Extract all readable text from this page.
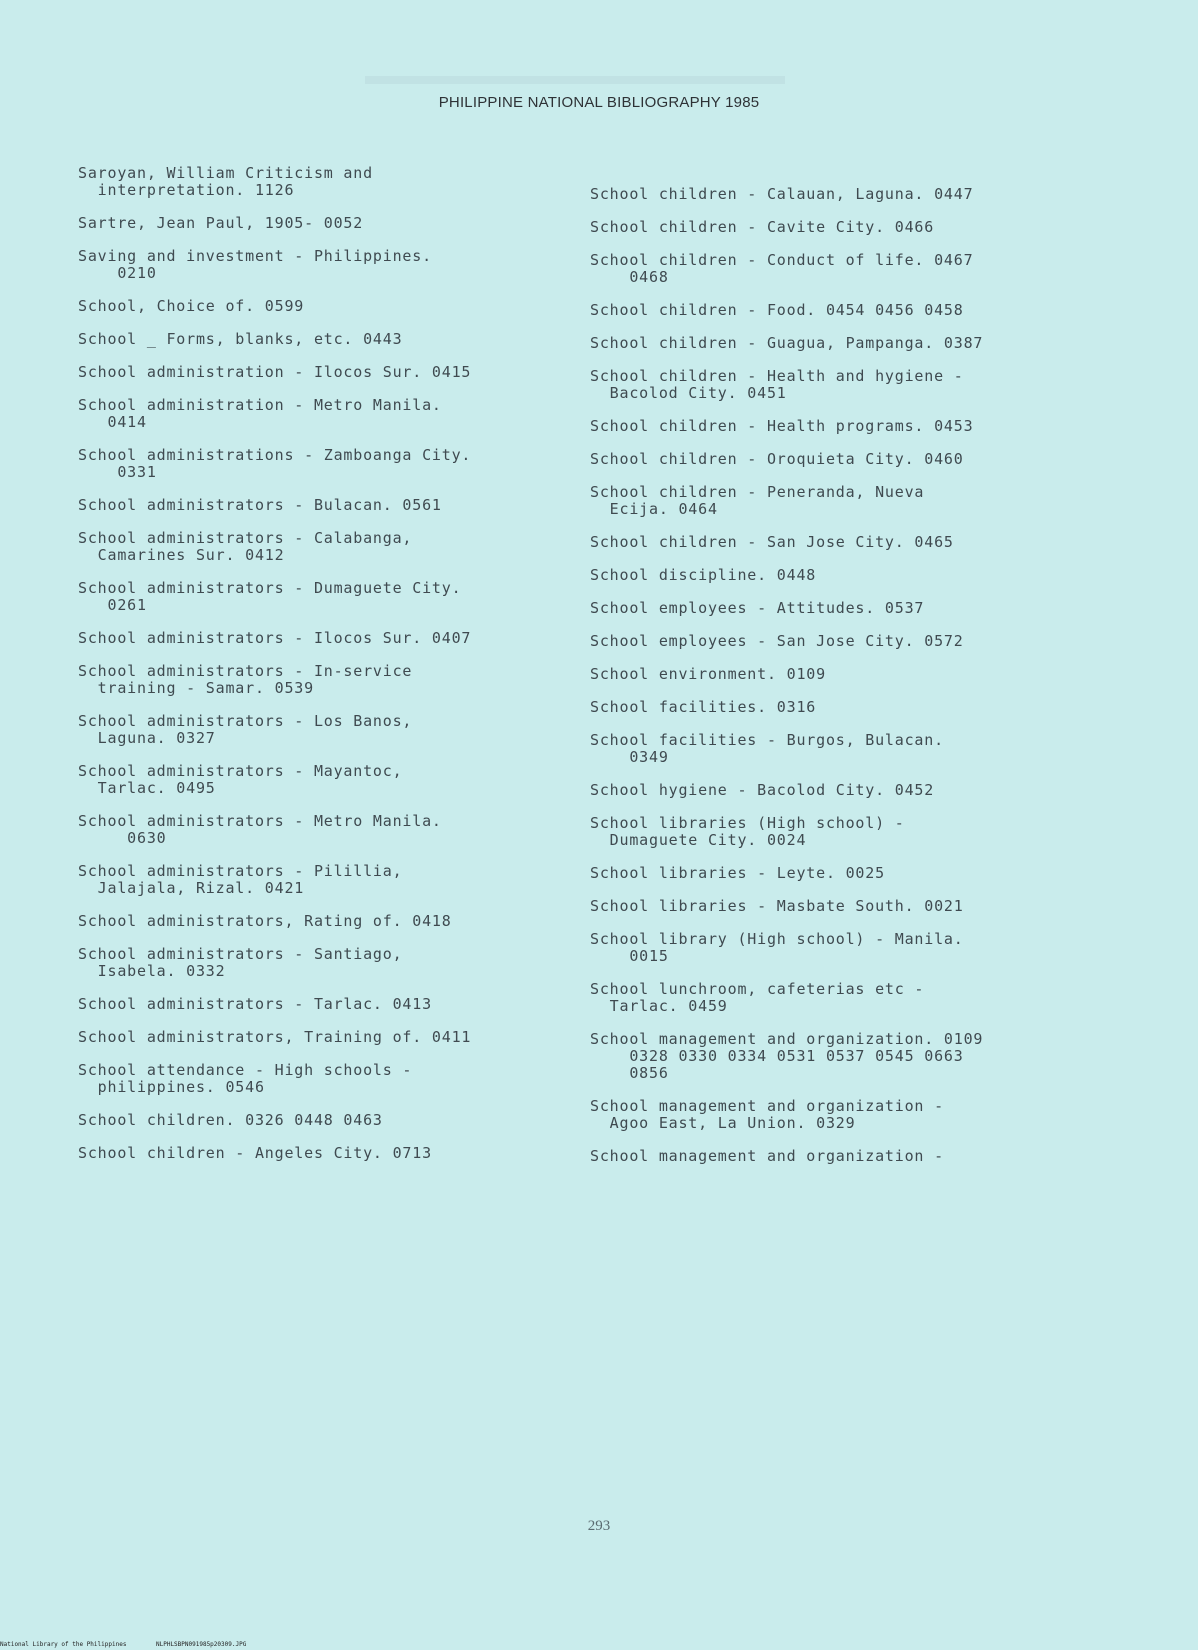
PHILIPPINE NATIONAL BIBLIOGRAPHY 1985
Saroyan, William Criticism and
interpretation. 1126
Sartre, Jean Paul, 1905- 0052
Saving and investment - Philippines.
0210
School, Choice of. 0599
School _ Forms, blanks, etc. 0443
School administration - Ilocos Sur. 0415
School administration - Metro Manila.
0414
School administrations - Zamboanga City.
0331
School administrators - Bulacan. 0561
School administrators - Calabanga,
Camarines Sur. 0412
School administrators - Dumaguete City.
0261
School administrators - Ilocos Sur. 0407
School administrators - In-service
training - Samar. 0539
School administrators - Los Banos,
Laguna. 0327
School administrators - Mayantoc,
Tarlac. 0495
School administrators - Metro Manila.
0630
School administrators - Pilillia,
Jalajala, Rizal. 0421
School administrators, Rating of. 0418
School administrators - Santiago,
Isabela. 0332
School administrators - Tarlac. 0413
School administrators, Training of. 0411
School attendance - High schools -
philippines. 0546
School children. 0326 0448 0463
School children - Angeles City. 0713
School children - Calauan, Laguna. 0447
School children - Cavite City. 0466
School children - Conduct of life. 0467
0468
School children - Food. 0454 0456 0458
School children - Guagua, Pampanga. 0387
School children - Health and hygiene -
Bacolod City. 0451
School children - Health programs. 0453
School children - Oroquieta City. 0460
School children - Peneranda, Nueva
Ecija. 0464
School children - San Jose City. 0465
School discipline. 0448
School employees - Attitudes. 0537
School employees - San Jose City. 0572
School environment. 0109
School facilities. 0316
School facilities - Burgos, Bulacan.
0349
School hygiene - Bacolod City. 0452
School libraries (High school) -
Dumaguete City. 0024
School libraries - Leyte. 0025
School libraries - Masbate South. 0021
School library (High school) - Manila.
0015
School lunchroom, cafeterias etc -
Tarlac. 0459
School management and organization. 0109
0328 0330 0334 0531 0537 0545 0663
0856
School management and organization -
Agoo East, La Union. 0329
School management and organization -
293
National Library of the Philippines	NLPHLSBPN091985p20309.JPG
